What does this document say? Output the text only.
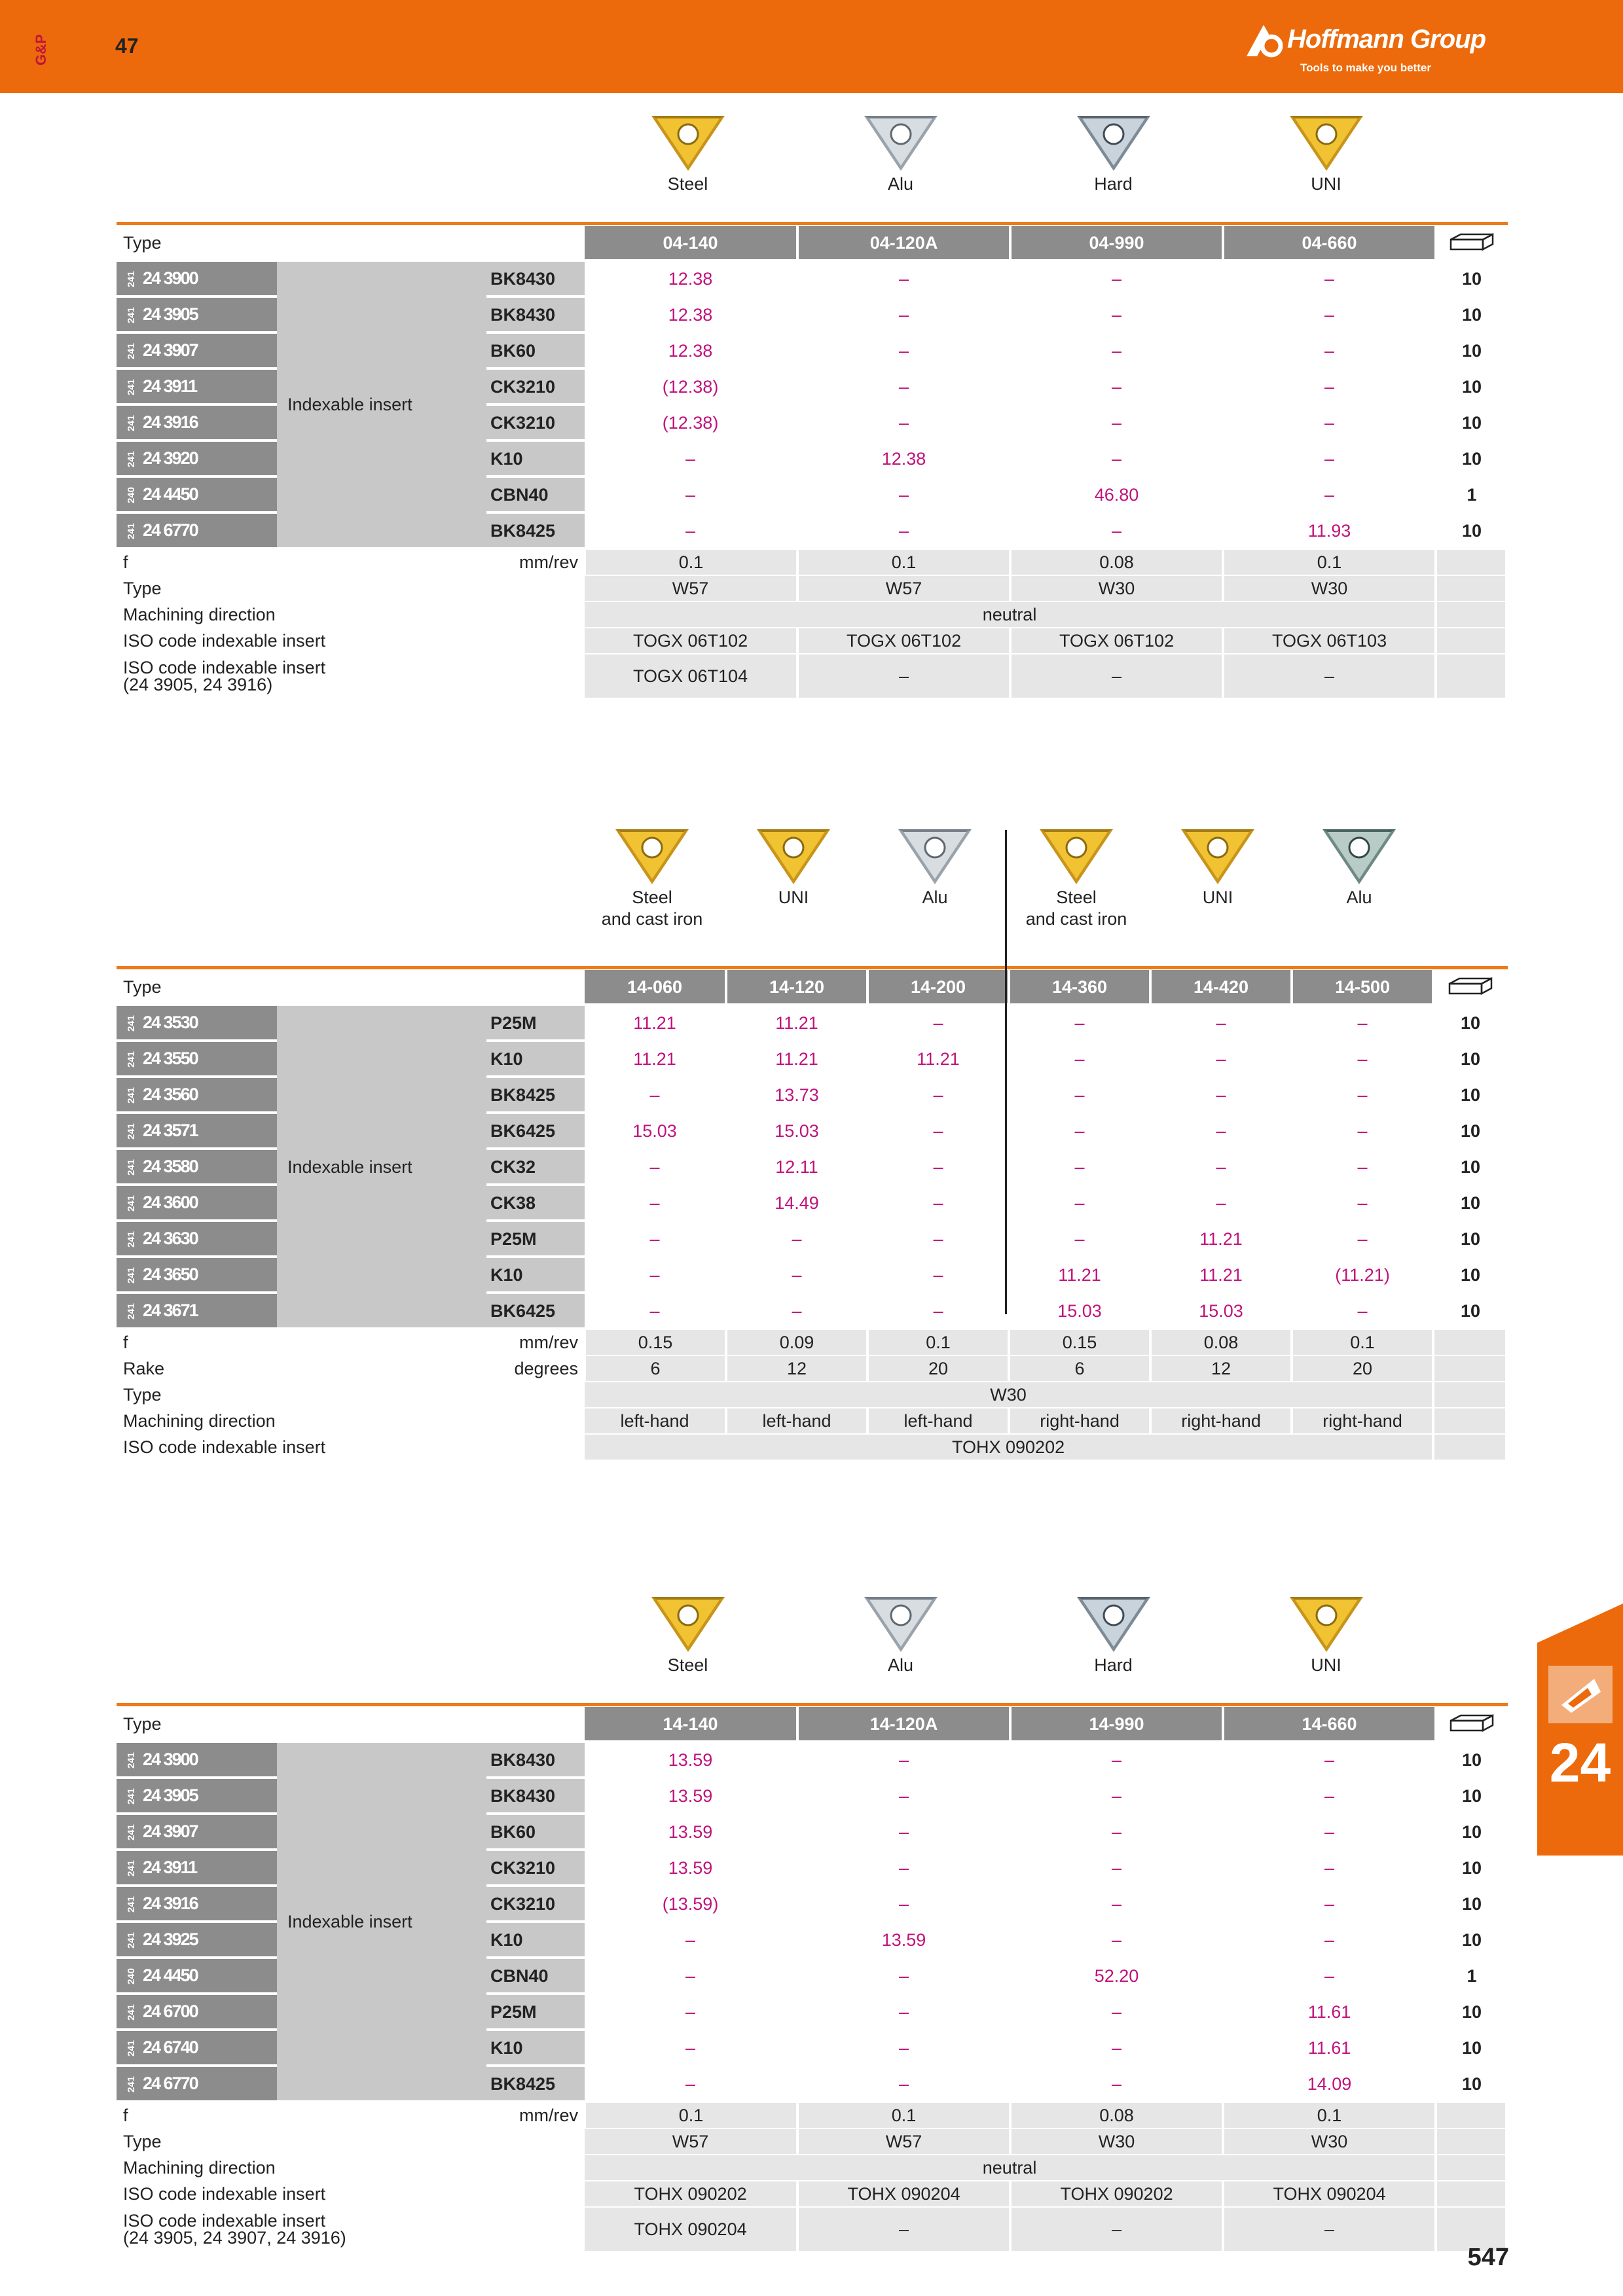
G&P	47	Hoffmann Group
Tools to make you better
24
Steel	Alu	Hard	UNI
Type			04-140	04-120A	04-990	04-660	
241 24 3900	Indexable insert	BK8430	12.38	–	–	–	10
241 24 3905		BK8430	12.38	–	–	–	10
241 24 3907		BK60	12.38	–	–	–	10
241 24 3911		CK3210	(12.38)	–	–	–	10
241 24 3916		CK3210	(12.38)	–	–	–	10
241 24 3920		K10	–	12.38	–	–	10
240 24 4450		CBN40	–	–	46.80	–	1
241 24 6770		BK8425	–	–	–	11.93	10
f		mm/rev	0.1	0.1	0.08	0.1	
Type			W57	W57	W30	W30	
Machining direction			neutral				
ISO code indexable insert			TOGX 06T102	TOGX 06T102	TOGX 06T102	TOGX 06T103	

ISO code indexable insert
(24 3905, 24 3916)			TOGX 06T104	–	–	–	
Steel
and cast iron
UNI	Alu	Steel
and cast iron
UNI	Alu
Type			14-060	14-120	14-200	14-360	14-420	14-500	
241 24 3530	Indexable insert	P25M	11.21	11.21	–	–	–	–	10
241 24 3550		K10	11.21	11.21	11.21	–	–	–	10
241 24 3560		BK8425	–	13.73	–	–	–	–	10
241 24 3571		BK6425	15.03	15.03	–	–	–	–	10
241 24 3580		CK32	–	12.11	–	–	–	–	10
241 24 3600		CK38	–	14.49	–	–	–	–	10
241 24 3630		P25M	–	–	–	–	11.21	–	10
241 24 3650		K10	–	–	–	11.21	11.21	(11.21)	10
241 24 3671		BK6425	–	–	–	15.03	15.03	–	10
f		mm/rev	0.15	0.09	0.1	0.15	0.08	0.1	
Rake		degrees	6	12	20	6	12	20	
Type			W30						
Machining direction			left-hand	left-hand	left-hand	right-hand	right-hand	right-hand	
ISO code indexable insert			TOHX 090202						
Steel	Alu	Hard	UNI
Type			14-140	14-120A	14-990	14-660	
241 24 3900	Indexable insert	BK8430	13.59	–	–	–	10
241 24 3905		BK8430	13.59	–	–	–	10
241 24 3907		BK60	13.59	–	–	–	10
241 24 3911		CK3210	13.59	–	–	–	10
241 24 3916		CK3210	(13.59)	–	–	–	10
241 24 3925		K10	–	13.59	–	–	10
240 24 4450		CBN40	–	–	52.20	–	1
241 24 6700		P25M	–	–	–	11.61	10
241 24 6740		K10	–	–	–	11.61	10
241 24 6770		BK8425	–	–	–	14.09	10
f		mm/rev	0.1	0.1	0.08	0.1	
Type			W57	W57	W30	W30	
Machining direction			neutral				
ISO code indexable insert			TOHX 090202	TOHX 090204	TOHX 090202	TOHX 090204	

ISO code indexable insert
(24 3905, 24 3907, 24 3916)			TOHX 090204	–	–	–	
547
